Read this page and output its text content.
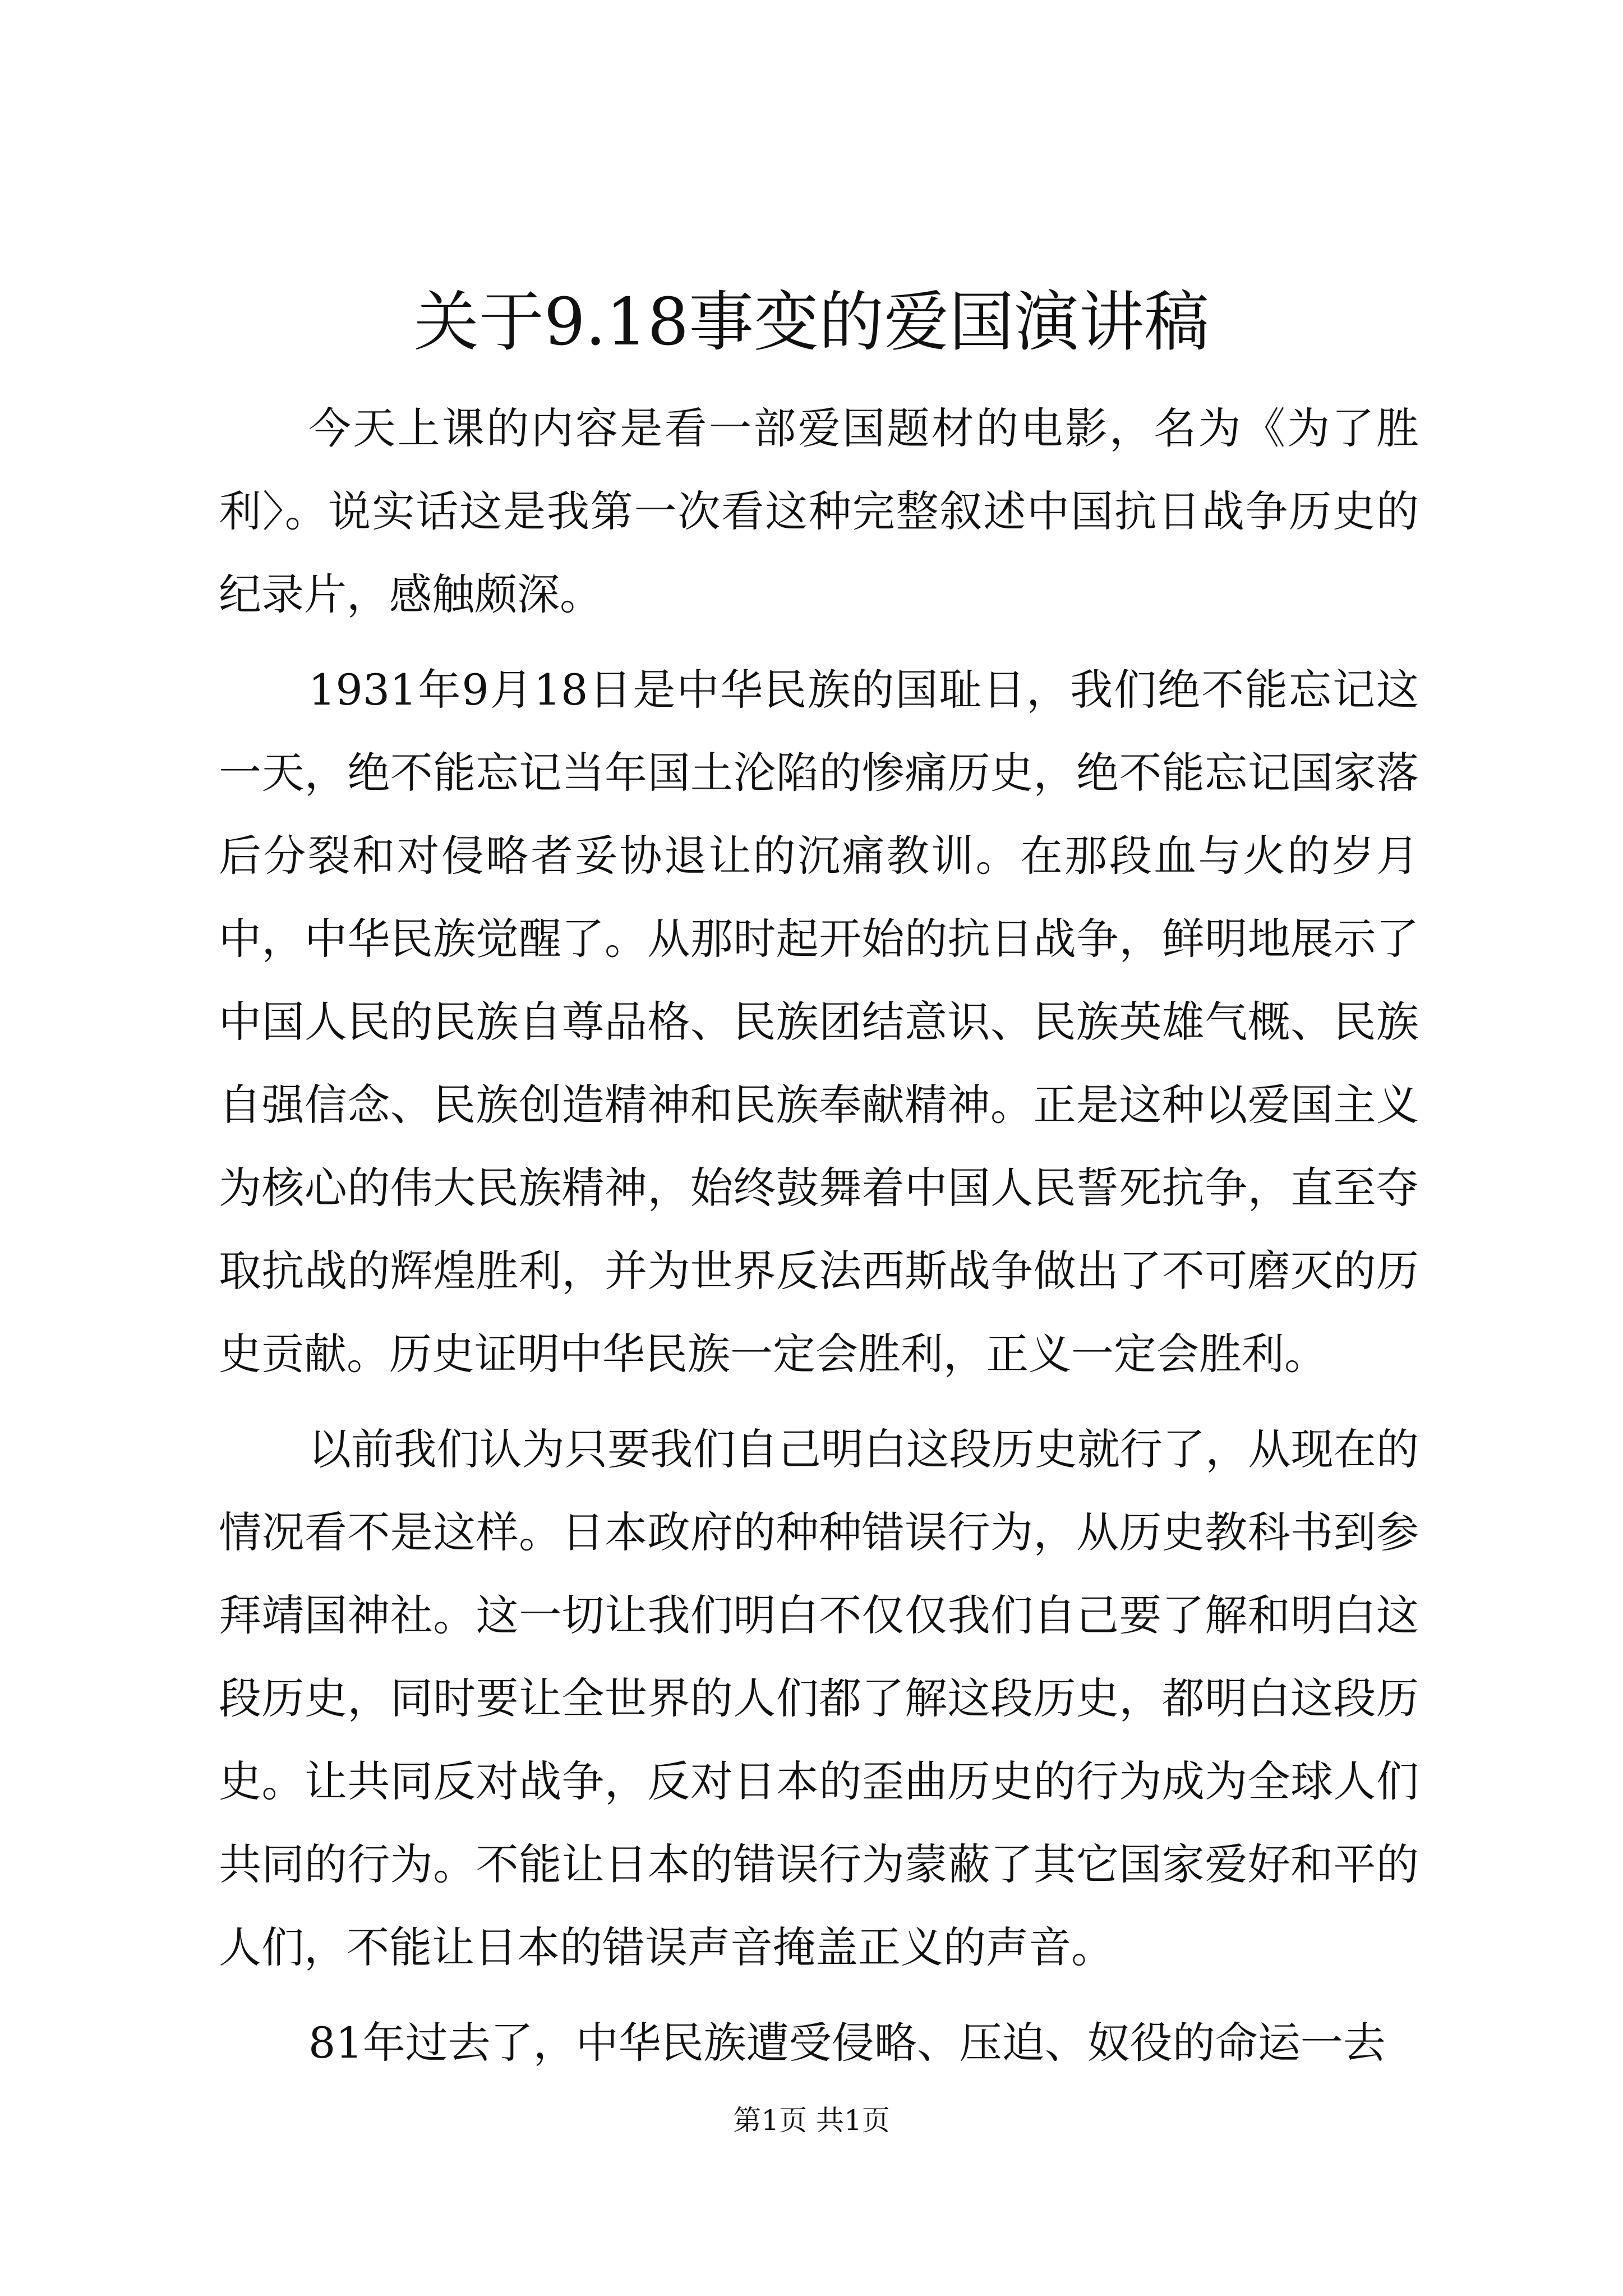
关于9.18事变的爱国演讲稿

今天上课的内容是看一部爱国题材的电影，名为《为了胜利〉。说实话这是我第一次看这种完整叙述中国抗日战争历史的纪录片，感触颇深。

1931年9月18日是中华民族的国耻日，我们绝不能忘记这一天，绝不能忘记当年国土沦陷的惨痛历史，绝不能忘记国家落后分裂和对侵略者妥协退让的沉痛教训。在那段血与火的岁月中，中华民族觉醒了。从那时起开始的抗日战争，鲜明地展示了中国人民的民族自尊品格、民族团结意识、民族英雄气概、民族自强信念、民族创造精神和民族奉献精神。正是这种以爱国主义为核心的伟大民族精神，始终鼓舞着中国人民誓死抗争，直至夺取抗战的辉煌胜利，并为世界反法西斯战争做出了不可磨灭的历史贡献。历史证明中华民族一定会胜利，正义一定会胜利。

以前我们认为只要我们自己明白这段历史就行了，从现在的情况看不是这样。日本政府的种种错误行为，从历史教科书到参拜靖国神社。这一切让我们明白不仅仅我们自己要了解和明白这段历史，同时要让全世界的人们都了解这段历史，都明白这段历史。让共同反对战争，反对日本的歪曲历史的行为成为全球人们共同的行为。不能让日本的错误行为蒙蔽了其它国家爱好和平的人们，不能让日本的错误声音掩盖正义的声音。

81年过去了，中华民族遭受侵略、压迫、奴役的命运一去

第1页 共1页
